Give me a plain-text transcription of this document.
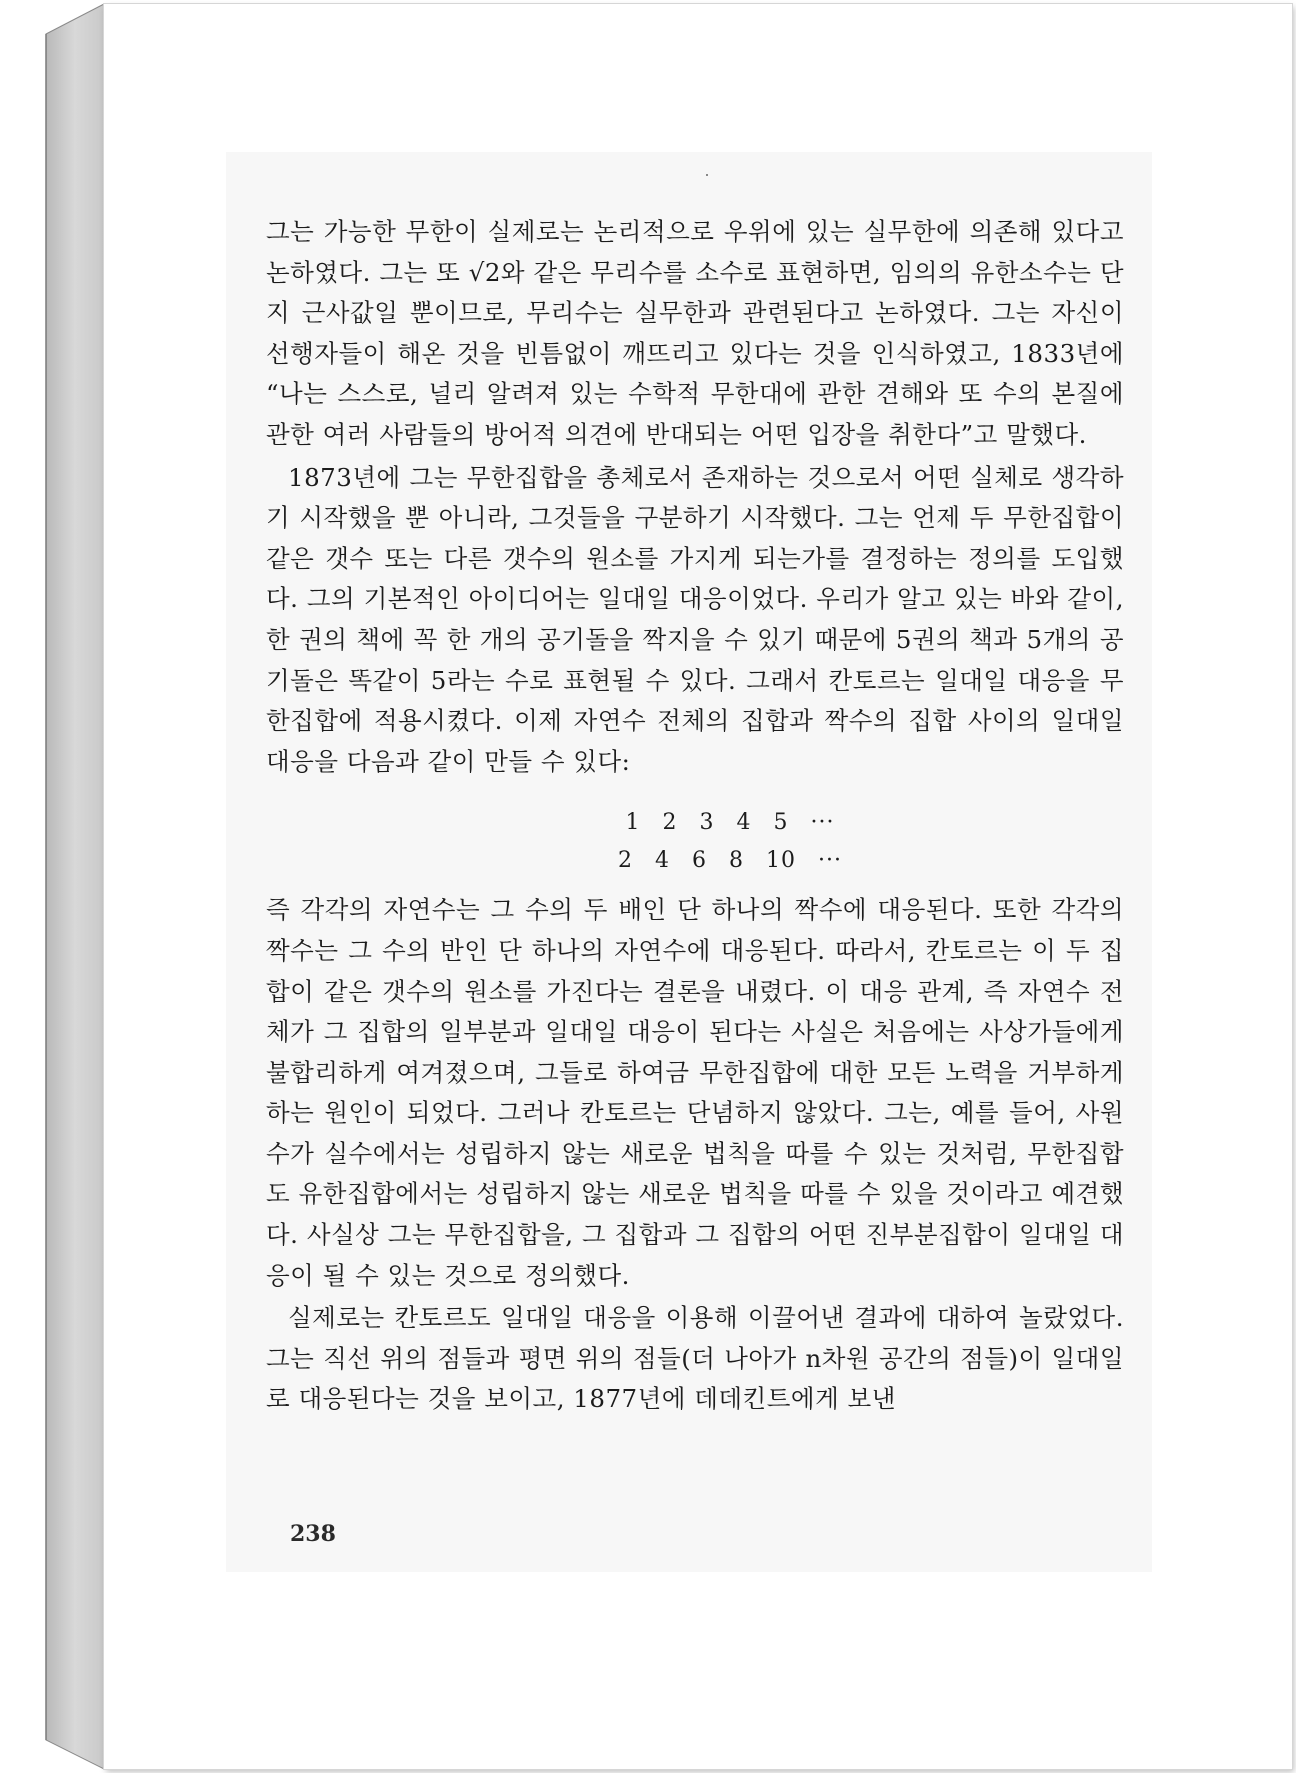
그는 가능한 무한이 실제로는 논리적으로 우위에 있는 실무한에 의존해 있다고 논하였다. 그는 또 √2와 같은 무리수를 소수로 표현하면, 임의의 유한소수는 단지 근사값일 뿐이므로, 무리수는 실무한과 관련된다고 논하였다. 그는 자신이 선행자들이 해온 것을 빈틈없이 깨뜨리고 있다는 것을 인식하였고, 1833년에 “나는 스스로, 널리 알려져 있는 수학적 무한대에 관한 견해와 또 수의 본질에 관한 여러 사람들의 방어적 의견에 반대되는 어떤 입장을 취한다”고 말했다.

1873년에 그는 무한집합을 총체로서 존재하는 것으로서 어떤 실체로 생각하기 시작했을 뿐 아니라, 그것들을 구분하기 시작했다. 그는 언제 두 무한집합이 같은 갯수 또는 다른 갯수의 원소를 가지게 되는가를 결정하는 정의를 도입했다. 그의 기본적인 아이디어는 일대일 대응이었다. 우리가 알고 있는 바와 같이, 한 권의 책에 꼭 한 개의 공기돌을 짝지을 수 있기 때문에 5권의 책과 5개의 공기돌은 똑같이 5라는 수로 표현될 수 있다. 그래서 칸토르는 일대일 대응을 무한집합에 적용시켰다. 이제 자연수 전체의 집합과 짝수의 집합 사이의 일대일 대응을 다음과 같이 만들 수 있다:

1 2 3 4 5 ···
2 4 6 8 10 ···

즉 각각의 자연수는 그 수의 두 배인 단 하나의 짝수에 대응된다. 또한 각각의 짝수는 그 수의 반인 단 하나의 자연수에 대응된다. 따라서, 칸토르는 이 두 집합이 같은 갯수의 원소를 가진다는 결론을 내렸다. 이 대응 관계, 즉 자연수 전체가 그 집합의 일부분과 일대일 대응이 된다는 사실은 처음에는 사상가들에게 불합리하게 여겨졌으며, 그들로 하여금 무한집합에 대한 모든 노력을 거부하게 하는 원인이 되었다. 그러나 칸토르는 단념하지 않았다. 그는, 예를 들어, 사원수가 실수에서는 성립하지 않는 새로운 법칙을 따를 수 있는 것처럼, 무한집합도 유한집합에서는 성립하지 않는 새로운 법칙을 따를 수 있을 것이라고 예견했다. 사실상 그는 무한집합을, 그 집합과 그 집합의 어떤 진부분집합이 일대일 대응이 될 수 있는 것으로 정의했다.

실제로는 칸토르도 일대일 대응을 이용해 이끌어낸 결과에 대하여 놀랐었다. 그는 직선 위의 점들과 평면 위의 점들(더 나아가 n차원 공간의 점들)이 일대일로 대응된다는 것을 보이고, 1877년에 데데킨트에게 보낸

238
